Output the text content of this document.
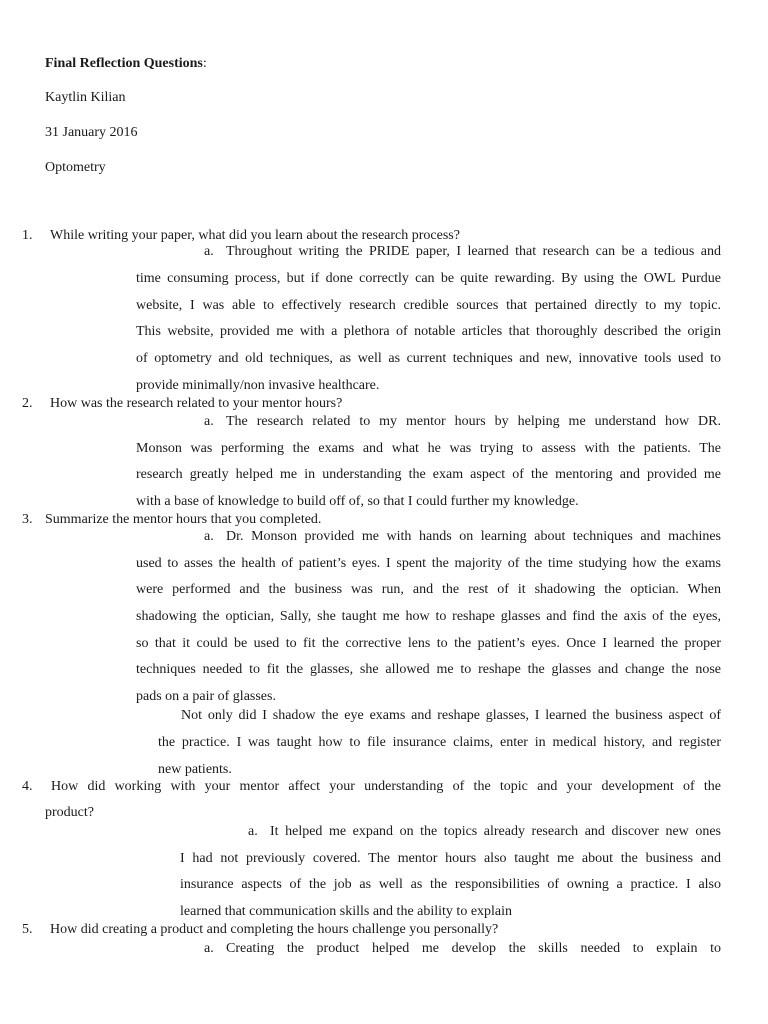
Final Reflection Questions:
Kaytlin Kilian
31 January 2016
Optometry
1. While writing your paper, what did you learn about the research process?
a. Throughout writing the PRIDE paper, I learned that research can be a tedious and
time consuming process, but if done correctly can be quite rewarding. By using the OWL Purdue
website, I was able to effectively research credible sources that pertained directly to my topic.
This website, provided me with a plethora of notable articles that thoroughly described the origin
of optometry and old techniques, as well as current techniques and new, innovative tools used to
provide minimally/non invasive healthcare.
2. How was the research related to your mentor hours?
a. The research related to my mentor hours by helping me understand how DR.
Monson was performing the exams and what he was trying to assess with the patients. The
research greatly helped me in understanding the exam aspect of the mentoring and provided me
with a base of knowledge to build off of, so that I could further my knowledge.
3. Summarize the mentor hours that you completed.
a. Dr. Monson provided me with hands on learning about techniques and machines
used to asses the health of patient’s eyes. I spent the majority of the time studying how the exams
were performed and the business was run, and the rest of it shadowing the optician. When
shadowing the optician, Sally, she taught me how to reshape glasses and find the axis of the eyes,
so that it could be used to fit the corrective lens to the patient’s eyes. Once I learned the proper
techniques needed to fit the glasses, she allowed me to reshape the glasses and change the nose
pads on a pair of glasses.
Not only did I shadow the eye exams and reshape glasses, I learned the business aspect of
the practice. I was taught how to file insurance claims, enter in medical history, and register
new patients.
4. How did working with your mentor affect your understanding of the topic and your development of the
product?
a. It helped me expand on the topics already research and discover new ones
I had not previously covered. The mentor hours also taught me about the business and
insurance aspects of the job as well as the responsibilities of owning a practice. I also
learned that communication skills and the ability to explain
5. How did creating a product and completing the hours challenge you personally?
a. Creating the product helped me develop the skills needed to explain to
